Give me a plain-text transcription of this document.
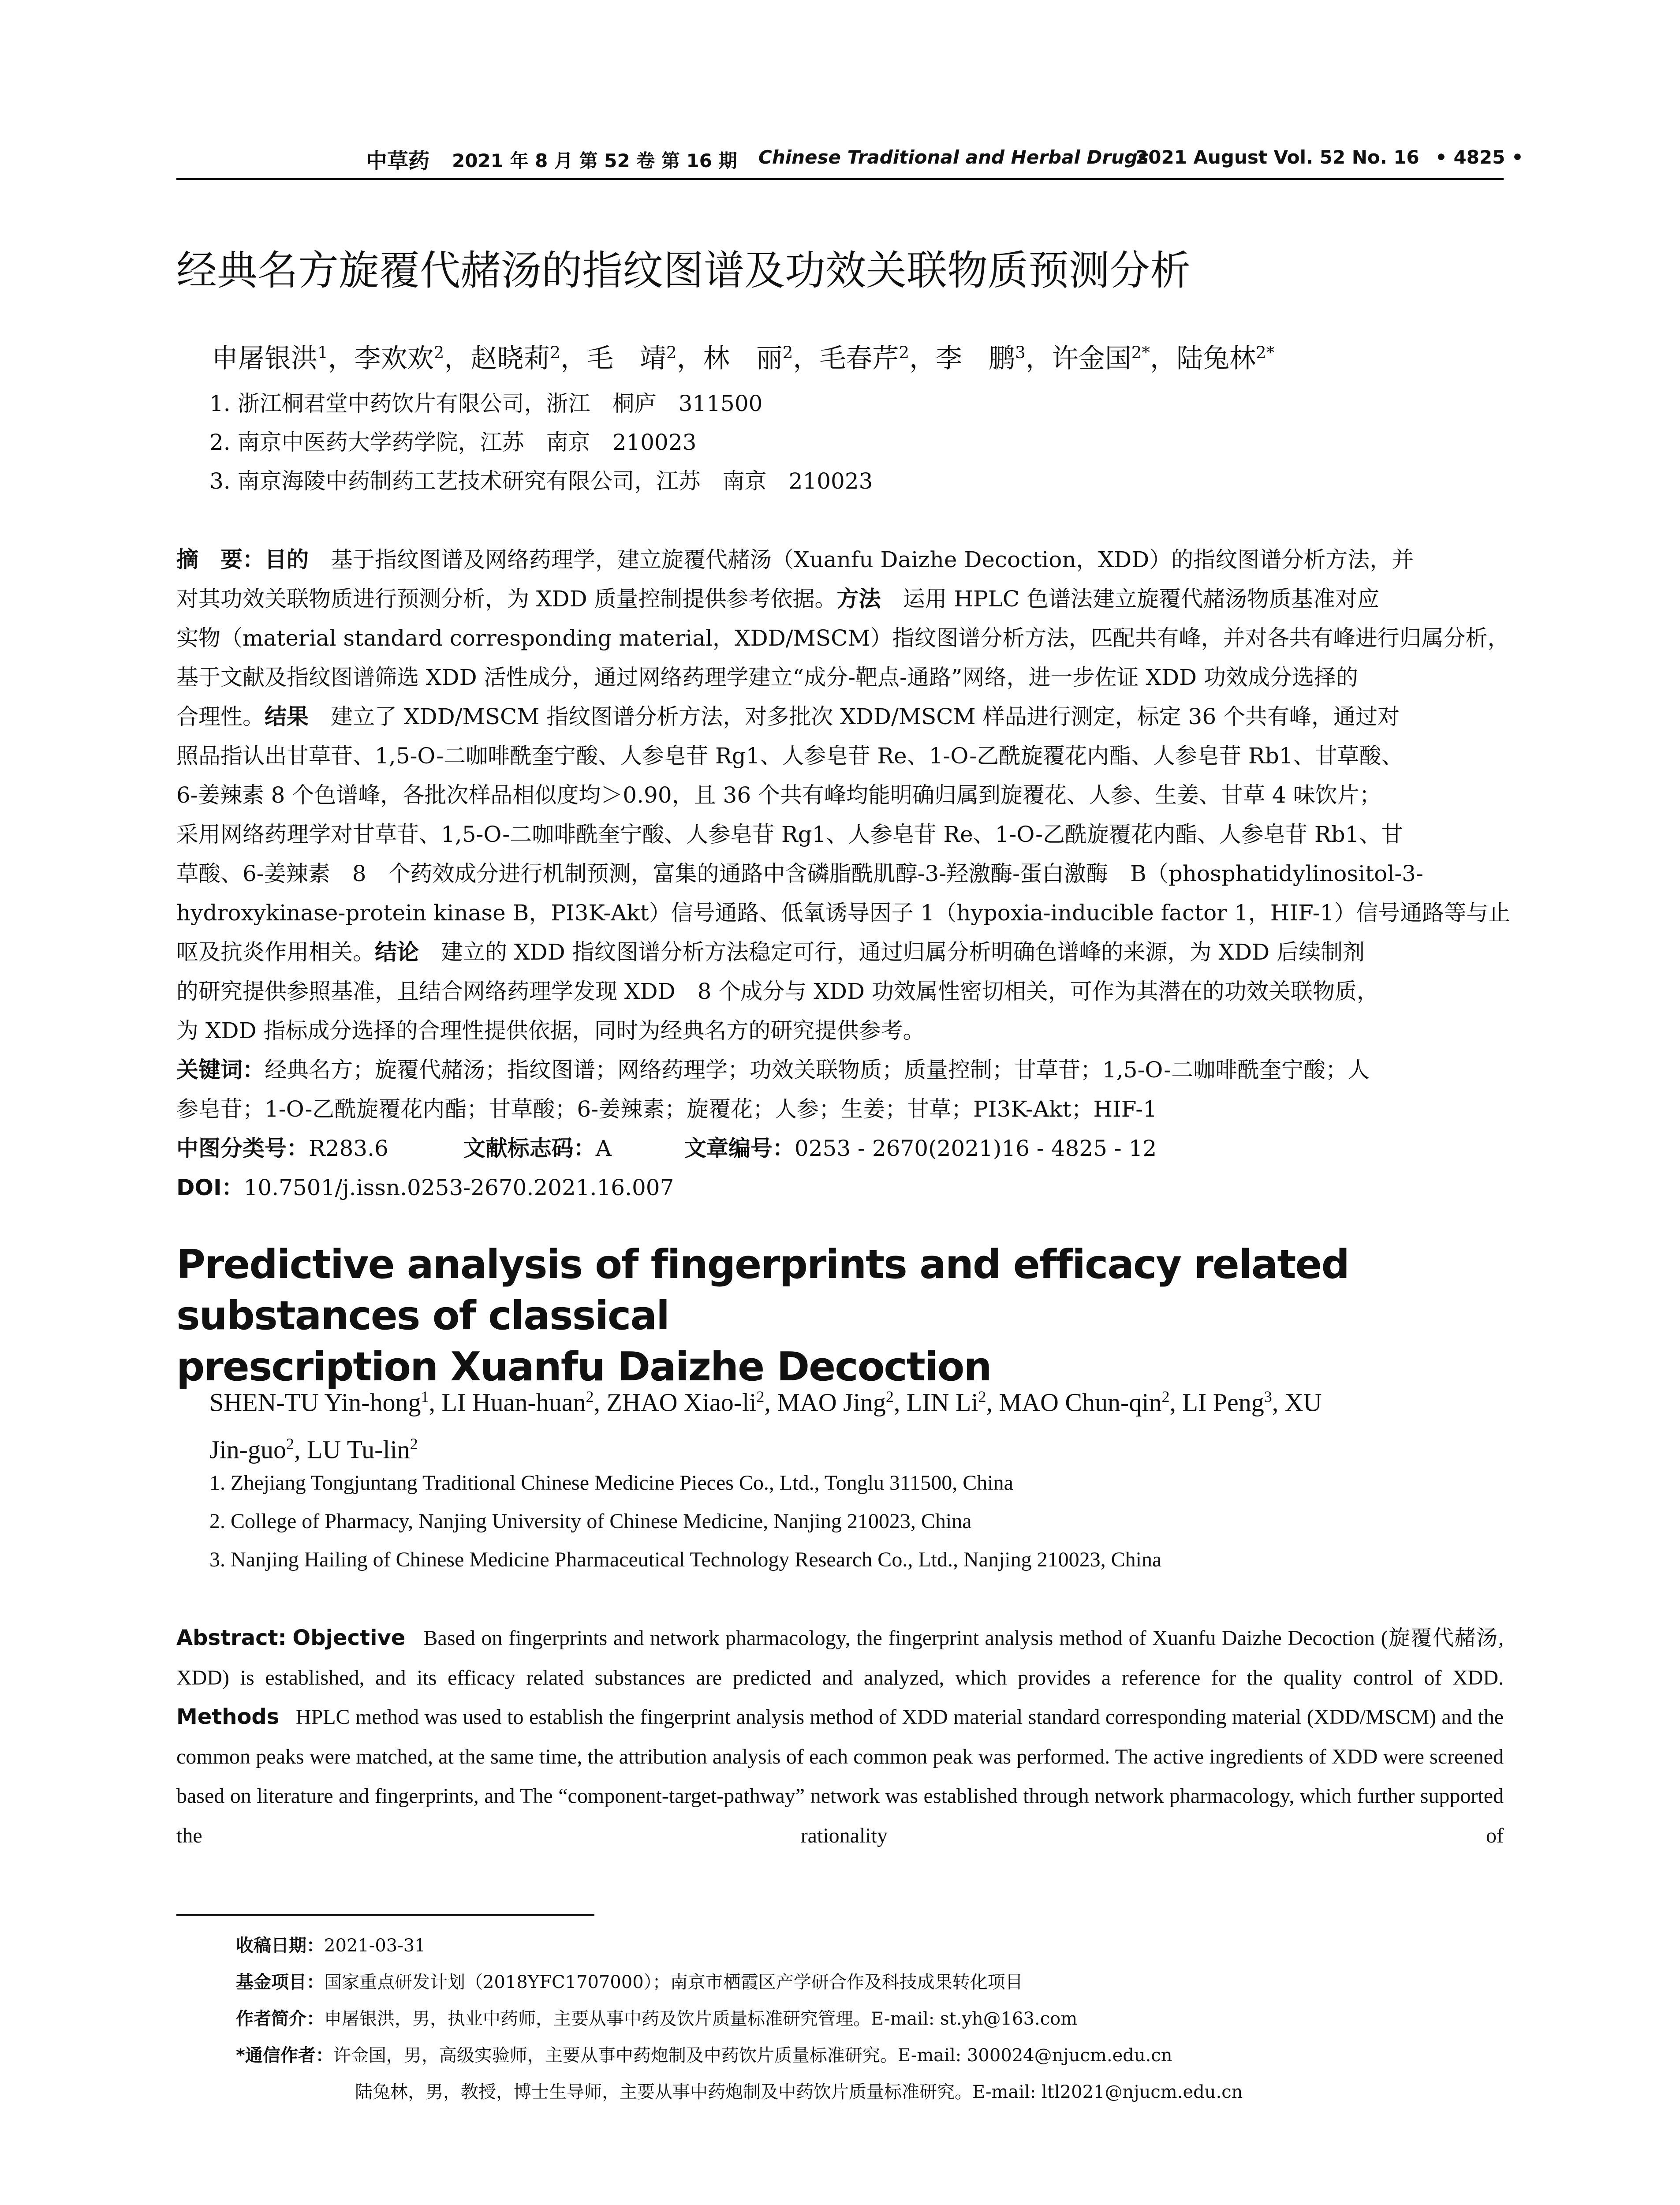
中草药 2021 年 8 月 第 52 卷 第 16 期 Chinese Traditional and Herbal Drugs
2021 August Vol. 52 No. 16 • 4825 •
经典名方旋覆代赭汤的指纹图谱及功效关联物质预测分析
申屠银洪$^1$，李欢欢$^2$，赵晓莉$^2$，毛　靖$^2$，林　丽$^2$，毛春芹$^2$，李　鹏$^3$，许金国$^{2*}$，陆兔林$^{2*}$
1. 浙江桐君堂中药饮片有限公司，浙江　桐庐　311500
2. 南京中医药大学药学院，江苏　南京　210023
3. 南京海陵中药制药工艺技术研究有限公司，江苏　南京　210023
摘　要：目的　 基于指纹图谱及网络药理学，建立旋覆代赭汤（Xuanfu Daizhe Decoction，XDD）的指纹图谱分析方法，并
对其功效关联物质进行预测分析，为 XDD 质量控制提供参考依据。方法　 运用 HPLC 色谱法建立旋覆代赭汤物质基准对应
实物（material standard corresponding material，XDD/MSCM）指纹图谱分析方法，匹配共有峰，并对各共有峰进行归属分析，
基于文献及指纹图谱筛选 XDD 活性成分，通过网络药理学建立“成分-靶点-通路”网络，进一步佐证 XDD 功效成分选择的
合理性。结果　 建立了 XDD/MSCM 指纹图谱分析方法，对多批次 XDD/MSCM 样品进行测定，标定 36 个共有峰，通过对
照品指认出甘草苷、1,5-O-二咖啡酰奎宁酸、人参皂苷 Rg1、人参皂苷 Re、1-O-乙酰旋覆花内酯、人参皂苷 Rb1、甘草酸、
6-姜辣素 8 个色谱峰，各批次样品相似度均＞0.90，且 36 个共有峰均能明确归属到旋覆花、人参、生姜、甘草 4 味饮片；
采用网络药理学对甘草苷、1,5-O-二咖啡酰奎宁酸、人参皂苷 Rg1、人参皂苷 Re、1-O-乙酰旋覆花内酯、人参皂苷 Rb1、甘
草酸、6-姜辣素　8　个药效成分进行机制预测，富集的通路中含磷脂酰肌醇-3-羟激酶-蛋白激酶　B（phosphatidylinositol-3-
hydroxykinase-protein kinase B，PI3K-Akt）信号通路、低氧诱导因子 1（hypoxia-inducible factor 1，HIF-1）信号通路等与止
呕及抗炎作用相关。结论　 建立的 XDD 指纹图谱分析方法稳定可行，通过归属分析明确色谱峰的来源，为 XDD 后续制剂
的研究提供参照基准，且结合网络药理学发现 XDD　8 个成分与 XDD 功效属性密切相关，可作为其潜在的功效关联物质，
为 XDD 指标成分选择的合理性提供依据，同时为经典名方的研究提供参考。
关键词：经典名方；旋覆代赭汤；指纹图谱；网络药理学；功效关联物质；质量控制；甘草苷；1,5-O-二咖啡酰奎宁酸；人
参皂苷；1-O-乙酰旋覆花内酯；甘草酸；6-姜辣素；旋覆花；人参；生姜；甘草；PI3K-Akt；HIF-1
中图分类号：R283.6	文献标志码：A	文章编号：0253 - 2670(2021)16 - 4825 - 12
DOI：10.7501/j.issn.0253-2670.2021.16.007
Predictive analysis of fingerprints and efficacy related substances of classical
prescription Xuanfu Daizhe Decoction
SHEN-TU Yin-hong$^1$, LI Huan-huan$^2$, ZHAO Xiao-$li^2$, MAO Jing$^2$, LIN Li$^2$, MAO Chun-qin$^2$, LI Peng$^3$, XU
Jin-guo$^2$, LU Tu-lin$^2$
1. Zhejiang Tongjuntang Traditional Chinese Medicine Pieces Co., Ltd., Tonglu 311500, China
2. College of Pharmacy, Nanjing University of Chinese Medicine, Nanjing 210023, China
3. Nanjing Hailing of Chinese Medicine Pharmaceutical Technology Research Co., Ltd., Nanjing 210023, China
Abstract: Objective Based on fingerprints and network pharmacology, the fingerprint analysis method of Xuanfu Daizhe Decoction (旋覆代赭汤, XDD) is established, and its efficacy related substances are predicted and analyzed, which provides a reference for the quality control of XDD. Methods HPLC method was used to establish the fingerprint analysis method of XDD material standard corresponding material (XDD/MSCM) and the common peaks were matched, at the same time, the attribution analysis of each common peak was performed. The active ingredients of XDD were screened based on literature and fingerprints, and The “component-target-pathway” network was established through network pharmacology, which further supported the rationality of
收稿日期：2021-03-31
基金项目：国家重点研发计划（2018YFC1707000）；南京市栖霞区产学研合作及科技成果转化项目
作者简介：申屠银洪，男，执业中药师，主要从事中药及饮片质量标准研究管理。E-mail: st.yh@163.com
*通信作者：许金国，男，高级实验师，主要从事中药炮制及中药饮片质量标准研究。E-mail: 300024@njucm.edu.cn
陆兔林，男，教授，博士生导师，主要从事中药炮制及中药饮片质量标准研究。E-mail: ltl2021@njucm.edu.cn
